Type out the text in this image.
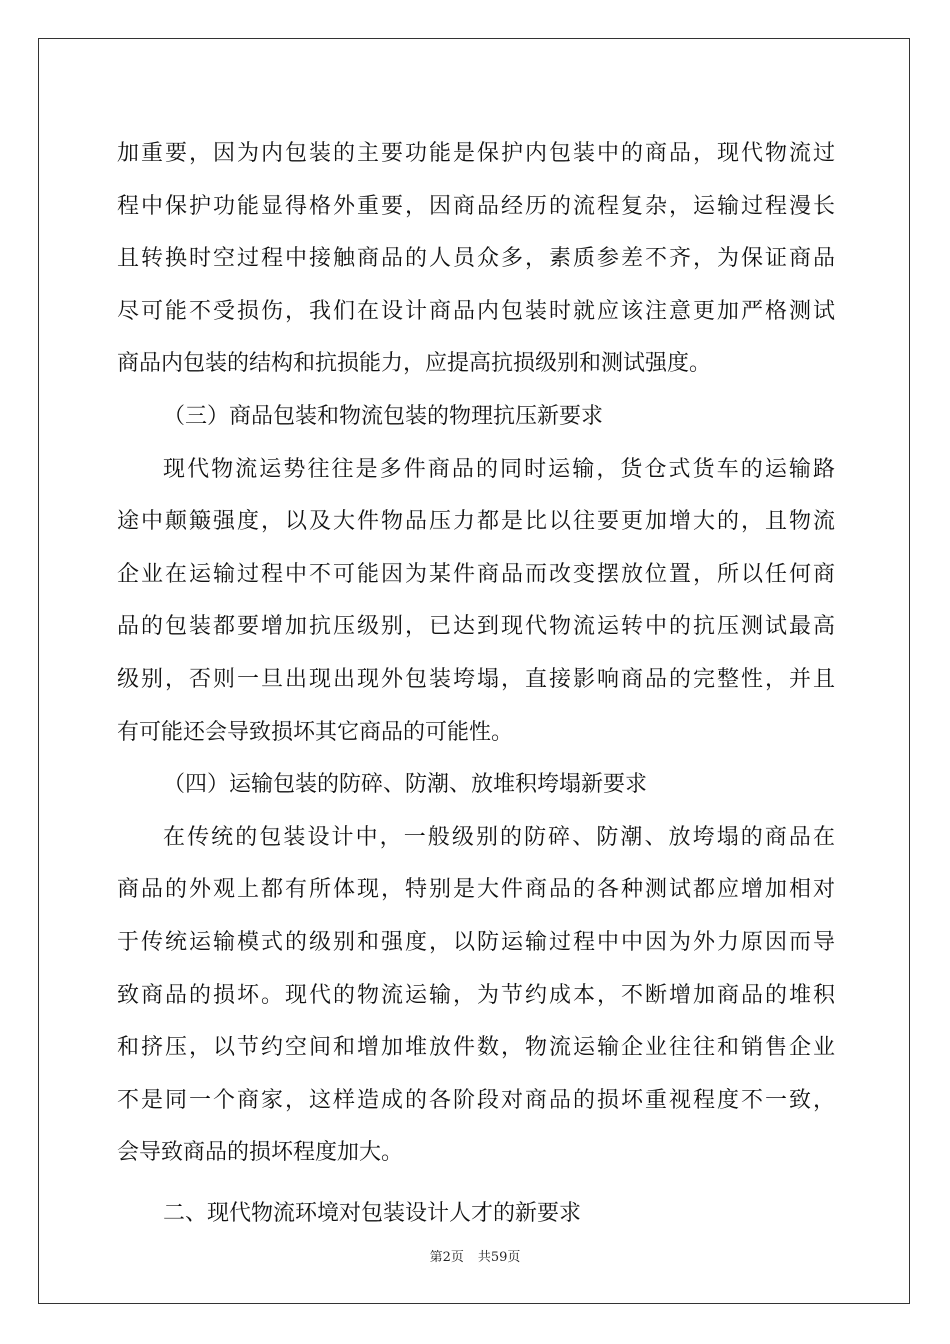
加重要，因为内包装的主要功能是保护内包装中的商品，现代物流过
程中保护功能显得格外重要，因商品经历的流程复杂，运输过程漫长
且转换时空过程中接触商品的人员众多，素质参差不齐，为保证商品
尽可能不受损伤，我们在设计商品内包装时就应该注意更加严格测试
商品内包装的结构和抗损能力，应提高抗损级别和测试强度。
（三）商品包装和物流包装的物理抗压新要求
现代物流运势往往是多件商品的同时运输，货仓式货车的运输路
途中颠簸强度，以及大件物品压力都是比以往要更加增大的，且物流
企业在运输过程中不可能因为某件商品而改变摆放位置，所以任何商
品的包装都要增加抗压级别，已达到现代物流运转中的抗压测试最高
级别，否则一旦出现出现外包装垮塌，直接影响商品的完整性，并且
有可能还会导致损坏其它商品的可能性。
（四）运输包装的防碎、防潮、放堆积垮塌新要求
在传统的包装设计中，一般级别的防碎、防潮、放垮塌的商品在
商品的外观上都有所体现，特别是大件商品的各种测试都应增加相对
于传统运输模式的级别和强度，以防运输过程中中因为外力原因而导
致商品的损坏。现代的物流运输，为节约成本，不断增加商品的堆积
和挤压，以节约空间和增加堆放件数，物流运输企业往往和销售企业
不是同一个商家，这样造成的各阶段对商品的损坏重视程度不一致，
会导致商品的损坏程度加大。
二、现代物流环境对包装设计人才的新要求
第2页 共59页
